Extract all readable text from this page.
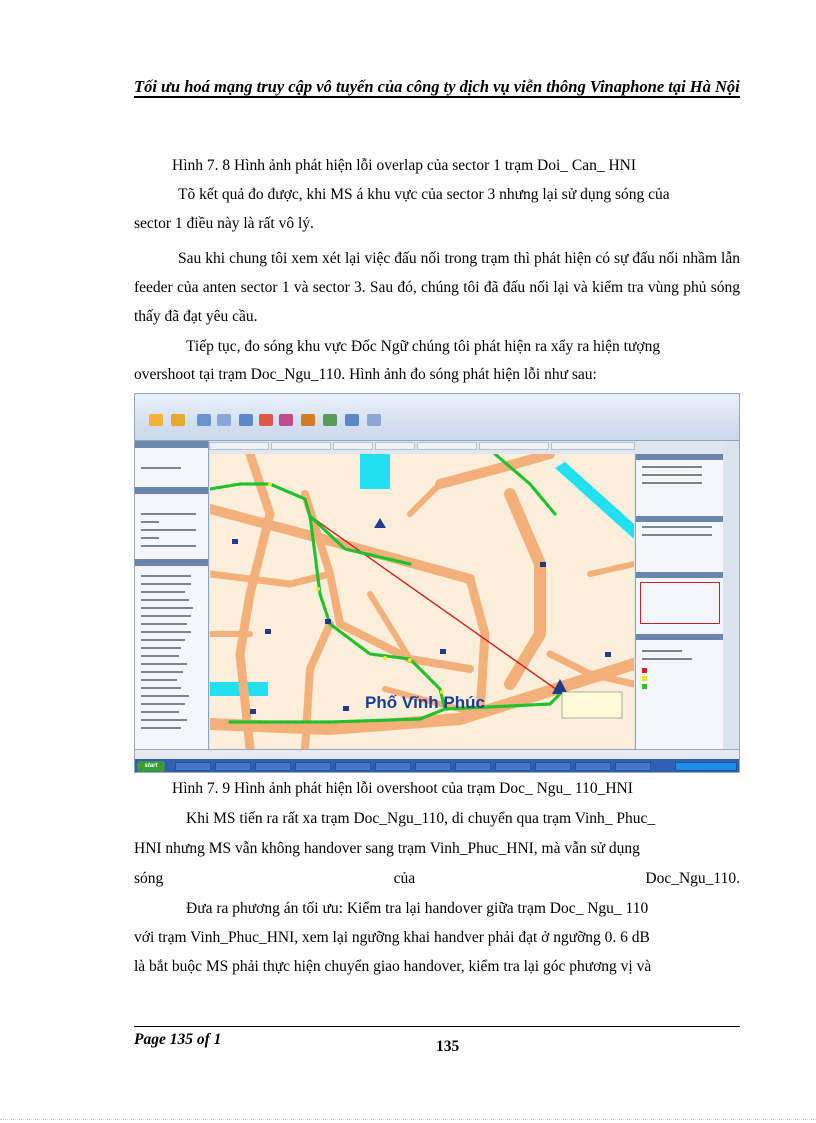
Tối ưu hoá mạng truy cập vô tuyến của công ty dịch vụ viễn thông Vinaphone tại Hà Nội
Hình 7. 8 Hình ảnh phát hiện lỗi overlap của sector 1 trạm Doi_ Can_ HNI
Tõ kết quả đo được, khi MS á khu vực của sector 3 nhưng lại sử dụng sóng của
sector 1 điều này là rất vô lý.
Sau khi chung tôi xem xét lại việc đấu nối trong trạm thì phát hiện có sự đấu nối nhầm lẫn feeder của anten sector 1 và sector 3. Sau đó, chúng tôi đã đấu nối lại và kiểm tra vùng phủ sóng thấy đã đạt yêu cầu.
Tiếp tục, đo sóng khu vực Đốc Ngữ chúng tôi phát hiện ra xẩy ra hiện tượng
overshoot tại trạm Doc_Ngu_110. Hình ảnh đo sóng phát hiện lỗi như sau:
Phố Vĩnh Phúc
start
Hình 7. 9 Hình ảnh phát hiện lỗi overshoot của trạm Doc_ Ngu_ 110_HNI
Khi MS tiến ra rất xa trạm Doc_Ngu_110, di chuyển qua trạm Vinh_ Phuc_
HNI nhưng MS vẫn không handover sang trạm Vinh_Phuc_HNI, mà vẫn sử dụng
sóng	của	Doc_Ngu_110.
Đưa ra phương án tối ưu: Kiểm tra lại handover giữa trạm Doc_ Ngu_ 110
với trạm Vinh_Phuc_HNI, xem lại ngưỡng khai handver phải đạt ở ngưỡng 0. 6 dB
là bắt buộc MS phải thực hiện chuyển giao handover, kiểm tra lại góc phương vị và
Page 135 of 1	135
